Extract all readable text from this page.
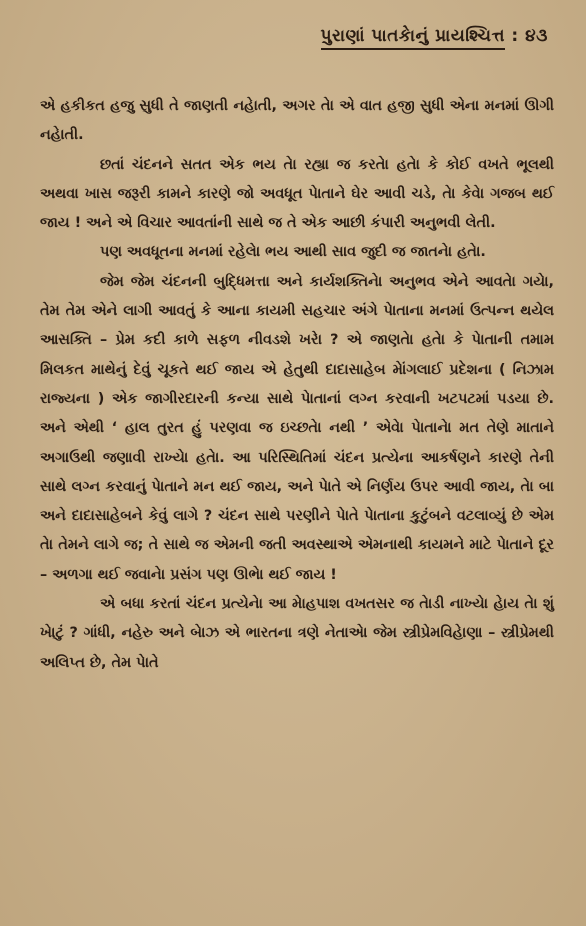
પુરાણાં પાતકેાનું પ્રાયશ્ચિત્ત : ૪૩

એ હકીકત હજુ સુધી તે જાણતી નહેાતી, અગર તેા એ વાત હજી સુધી એના મનમાં ઊગી નહેાતી.

છતાં ચંદનને સતત એક ભય તેા રહ્યા જ કરતેા હતેા કે કોઈ વખતે ભૂલથી અથવા ખાસ જરૂરી કામને કારણે જો અવધૂત પેાતાને ઘેર આવી ચડે, તેા કેવેા ગજબ થઈ જાય ! અને એ વિચાર આવતાંની સાથે જ તે એક આછી કંપારી અનુભવી લેતી.

પણ અવધૂતના મનમાં રહેલેા ભય આથી સાવ જુદી જ જાતનેા હતેા.

જેમ જેમ ચંદનની બુદ્ધિમત્તા અને કાર્યશક્તિનેા અનુભવ એને આવતેા ગયેા, તેમ તેમ એને લાગી આવતું કે આના કાયમી સહચાર અંગે પેાતાના મનમાં ઉત્પન્ન થયેલ આસક્તિ – પ્રેમ કદી કાળે સફળ નીવડશે ખરેા ? એ જાણતેા હતેા કે પેાતાની તમામ મિલકત માથેનું દેવું ચૂકતે થઈ જાય એ હેતુથી દાદાસાહેબ મેાંગલાઈ પ્રદેશના ( નિઝામ રાજ્યના ) એક જાગીરદારની કન્યા સાથે પેાતાનાં લગ્ન કરવાની ખટપટમાં પડયા છે. અને એથી ‘ હાલ તુરત હું પરણવા જ ઇચ્છતેા નથી ’ એવેા પેાતાનેા મત તેણે માતાને અગાઉથી જણાવી રાખ્યેા હતેા. આ પરિસ્થિતિમાં ચંદન પ્રત્યેના આકર્ષણને કારણે તેની સાથે લગ્ન કરવાનું પેાતાને મન થઈ જાય, અને પેાતે એ નિર્ણય ઉપર આવી જાય, તેા બા અને દાદાસાહેબને કેવું લાગે ? ચંદન સાથે પરણીને પેાતે પેાતાના કુટુંબને વટલાવ્યું છે એમ તેા તેમને લાગે જ; તે સાથે જ એમની જતી અવસ્થાએ એમનાથી કાયમને માટે પેાતાને દૂર – અળગા થઈ જવાનેા પ્રસંગ પણ ઊભેા થઈ જાય !

એ બધા કરતાં ચંદન પ્રત્યેનેા આ મેાહપાશ વખતસર જ તેાડી નાખ્યેા હેાય તેા શું ખેાટું ? ગાંધી, નહેરુ અને બેાઝ એ ભારતના ત્રણે નેતાએા જેમ સ્ત્રીપ્રેમવિહેાણા – સ્ત્રીપ્રેમથી અલિપ્ત છે, તેમ પેાતે
